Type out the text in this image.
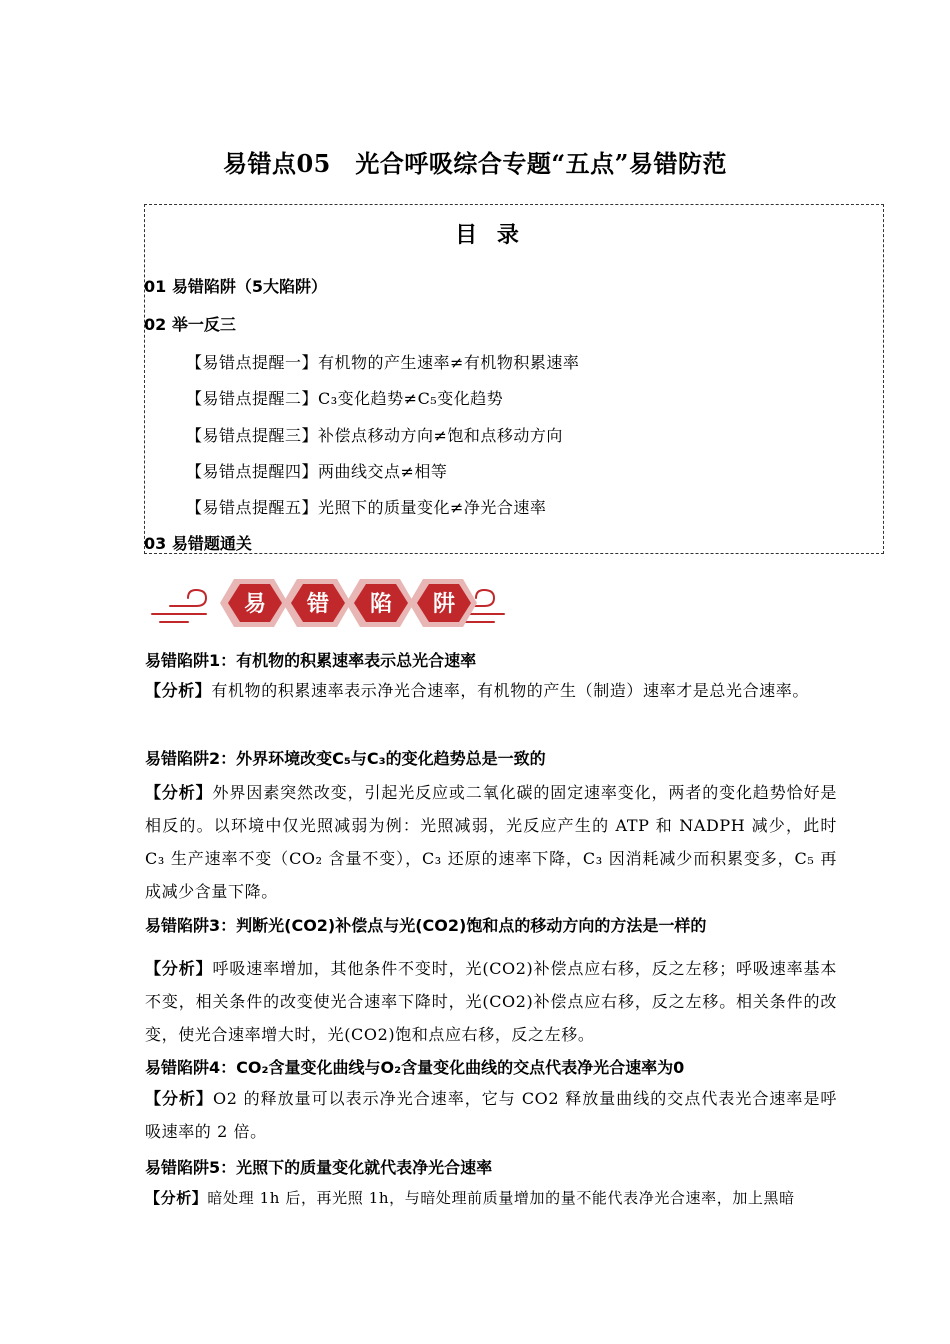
易错点05　光合呼吸综合专题“五点”易错防范
目 录
01 易错陷阱（5大陷阱）
02 举一反三
【易错点提醒一】有机物的产生速率≠有机物积累速率
【易错点提醒二】C₃变化趋势≠C₅变化趋势
【易错点提醒三】补偿点移动方向≠饱和点移动方向
【易错点提醒四】两曲线交点≠相等
【易错点提醒五】光照下的质量变化≠净光合速率
03 易错题通关
易 错 陷 阱
易错陷阱1：有机物的积累速率表示总光合速率
【分析】有机物的积累速率表示净光合速率，有机物的产生（制造）速率才是总光合速率。
易错陷阱2：外界环境改变C₅与C₃的变化趋势总是一致的
【分析】外界因素突然改变，引起光反应或二氧化碳的固定速率变化，两者的变化趋势恰好是相反的。以环境中仅光照减弱为例：光照减弱，光反应产生的 ATP 和 NADPH 减少，此时 C₃ 生产速率不变（CO₂ 含量不变），C₃ 还原的速率下降，C₃ 因消耗减少而积累变多，C₅ 再成减少含量下降。
易错陷阱3：判断光(CO2)补偿点与光(CO2)饱和点的移动方向的方法是一样的
【分析】呼吸速率增加，其他条件不变时，光(CO2)补偿点应右移，反之左移；呼吸速率基本不变，相关条件的改变使光合速率下降时，光(CO2)补偿点应右移，反之左移。相关条件的改变，使光合速率增大时，光(CO2)饱和点应右移，反之左移。
易错陷阱4：CO₂含量变化曲线与O₂含量变化曲线的交点代表净光合速率为0
【分析】O2 的释放量可以表示净光合速率，它与 CO2 释放量曲线的交点代表光合速率是呼吸速率的 2 倍。
易错陷阱5：光照下的质量变化就代表净光合速率
【分析】暗处理 1h 后，再光照 1h，与暗处理前质量增加的量不能代表净光合速率，加上黑暗
